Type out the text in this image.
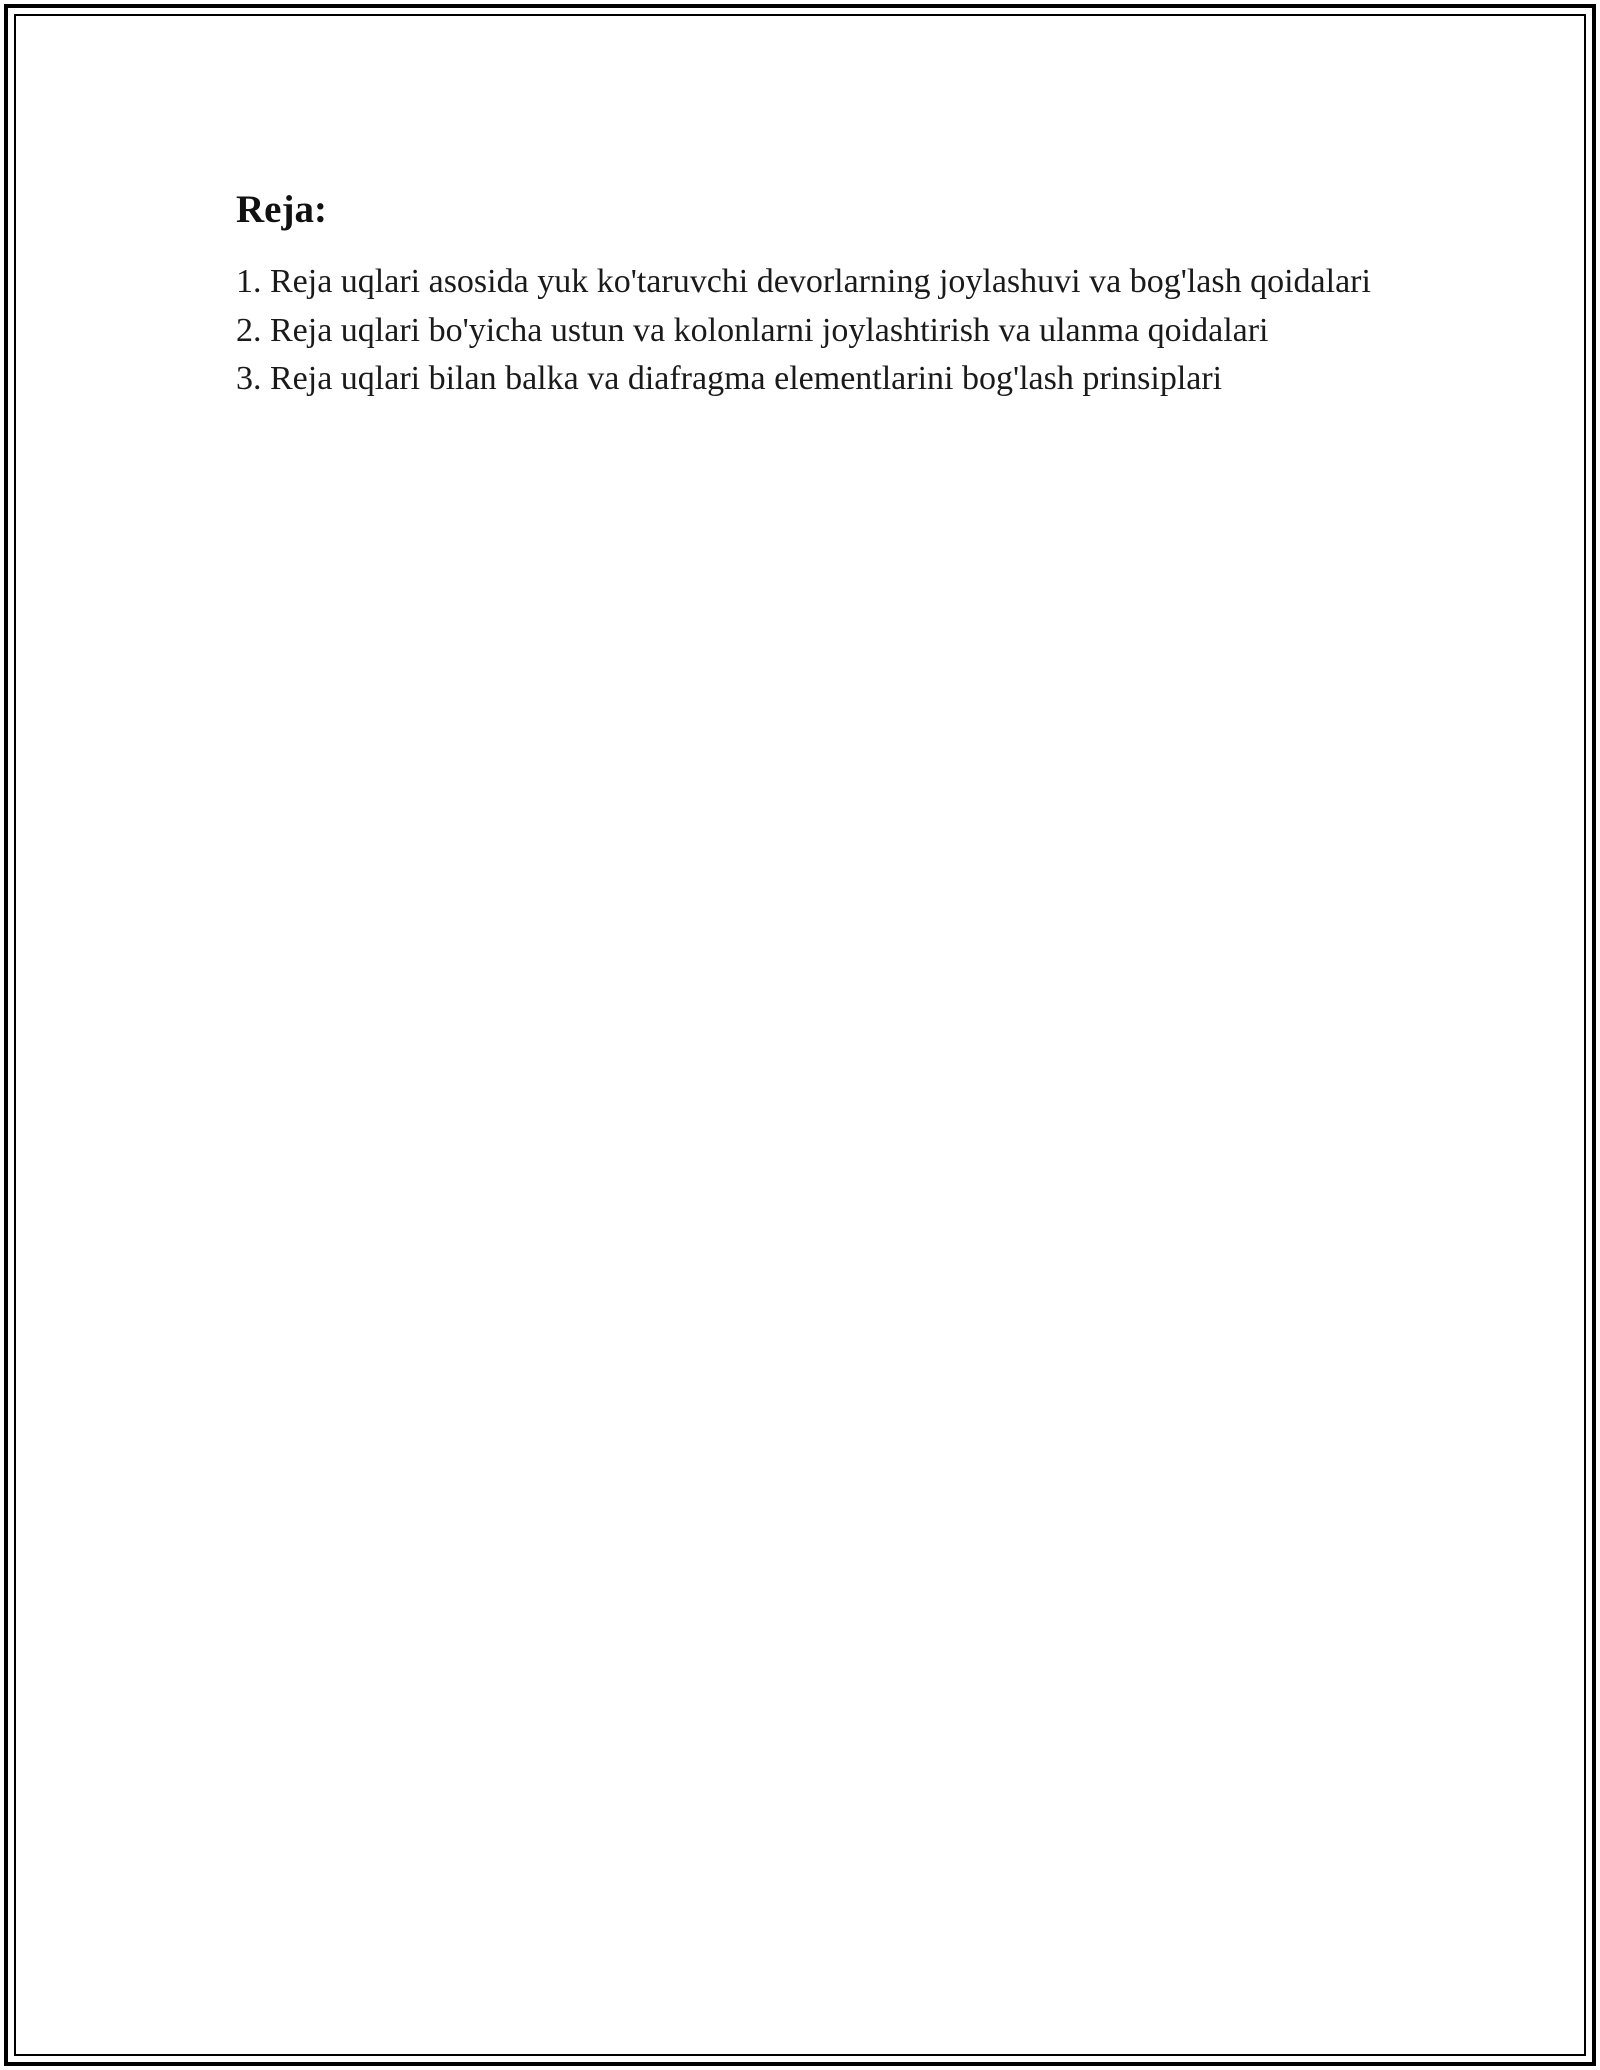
Reja:
1. Reja uqlari asosida yuk ko'taruvchi devorlarning joylashuvi va bog'lash qoidalari
2. Reja uqlari bo'yicha ustun va kolonlarni joylashtirish va ulanma qoidalari
3. Reja uqlari bilan balka va diafragma elementlarini bog'lash prinsiplari
